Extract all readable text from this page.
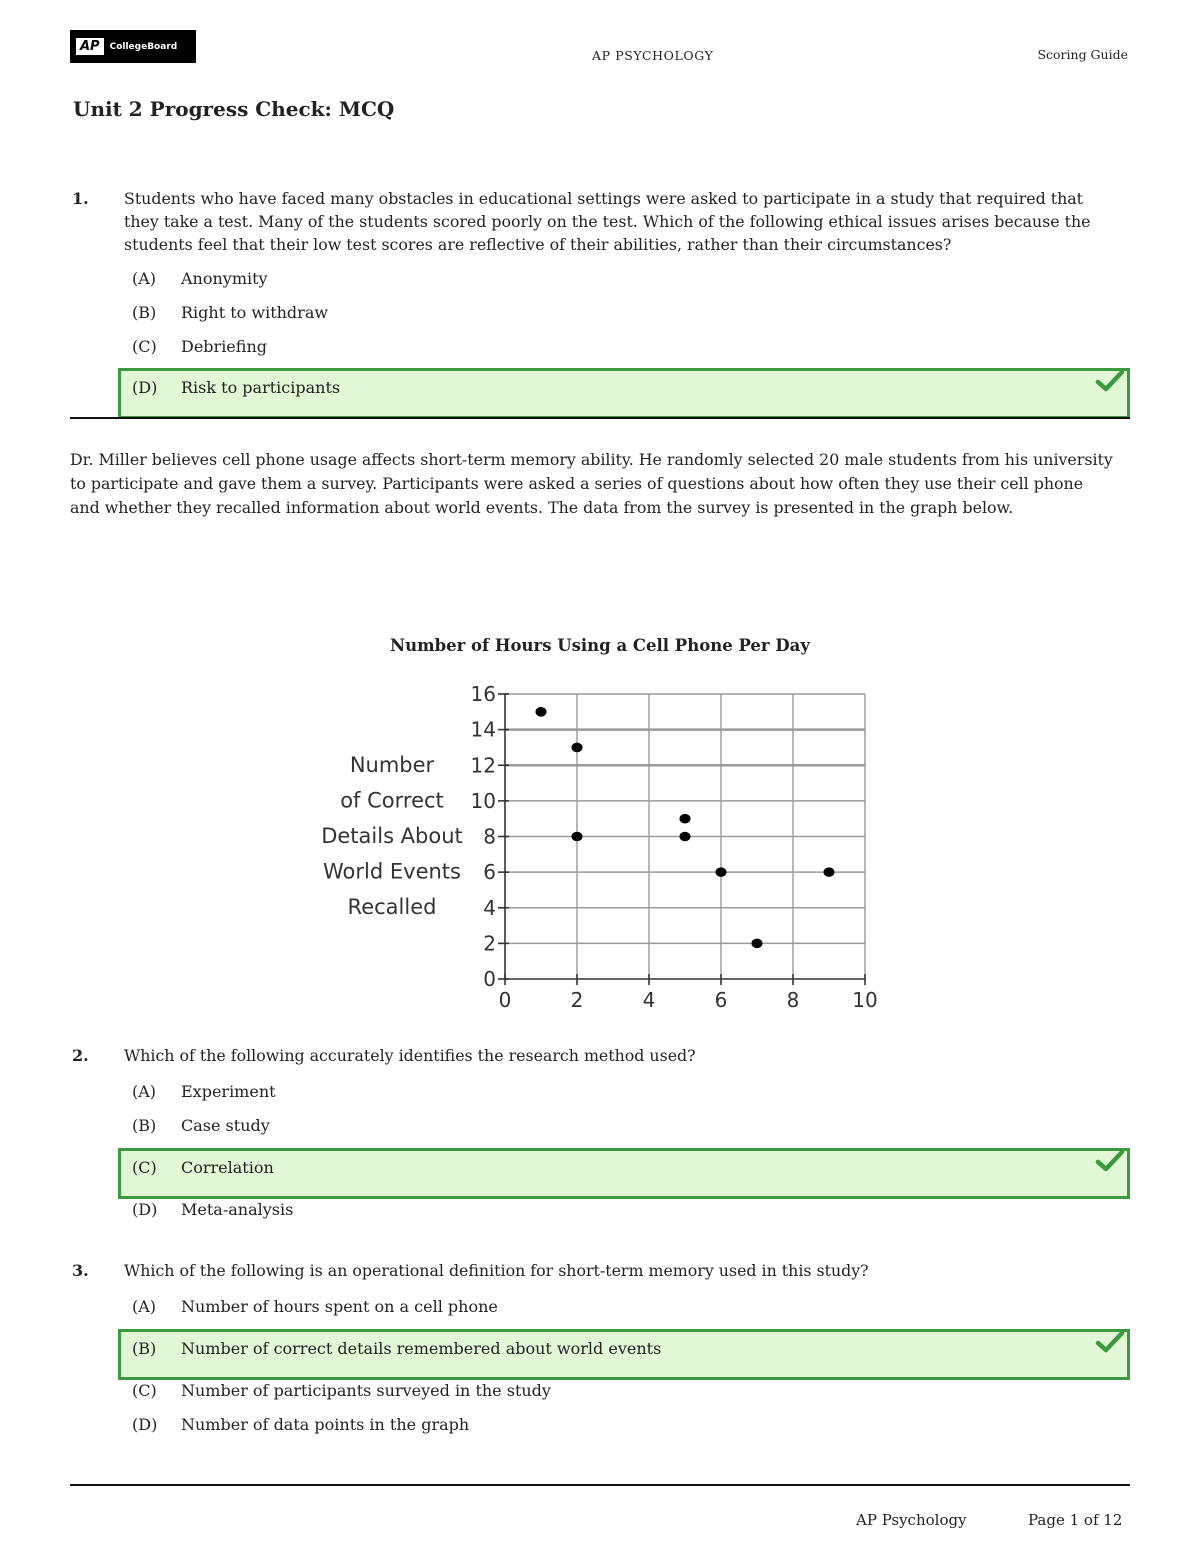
AP	CollegeBoard
AP PSYCHOLOGY	Scoring Guide
Unit 2 Progress Check: MCQ
1. Students who have faced many obstacles in educational settings were asked to participate in a study that required that they take a test. Many of the students scored poorly on the test. Which of the following ethical issues arises because the students feel that their low test scores are reflective of their abilities, rather than their circumstances?
(A) Anonymity
(B) Right to withdraw
(C) Debriefing
(D) Risk to participants
Dr. Miller believes cell phone usage affects short-term memory ability. He randomly selected 20 male students from his university to participate and gave them a survey. Participants were asked a series of questions about how often they use their cell phone and whether they recalled information about world events. The data from the survey is presented in the graph below.
Number of Hours Using a Cell Phone Per Day
0
2
4
6
8
10
12
14
16
0	2	4	6	8	10
Number
of Correct
Details About
World Events
Recalled
2. Which of the following accurately identifies the research method used?
(A) Experiment
(B) Case study
(C) Correlation
(D) Meta-analysis
3. Which of the following is an operational definition for short-term memory used in this study?
(A) Number of hours spent on a cell phone
(B) Number of correct details remembered about world events
(C) Number of participants surveyed in the study
(D) Number of data points in the graph
AP Psychology	Page 1 of 12
